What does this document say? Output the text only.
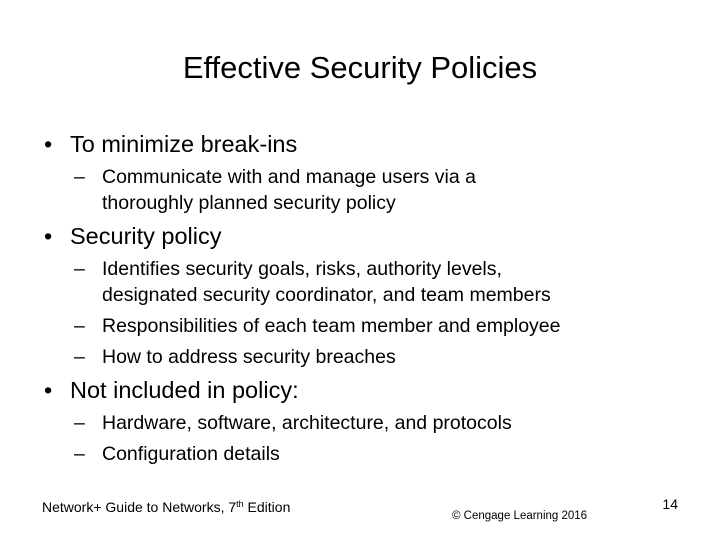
Effective Security Policies
• To minimize break-ins
– Communicate with and manage users via a
thoroughly planned security policy
• Security policy
– Identifies security goals, risks, authority levels,
designated security coordinator, and team members
– Responsibilities of each team member and employee
– How to address security breaches
• Not included in policy:
– Hardware, software, architecture, and protocols
– Configuration details
Network+ Guide to Networks, 7th Edition
© Cengage Learning 2016
14
